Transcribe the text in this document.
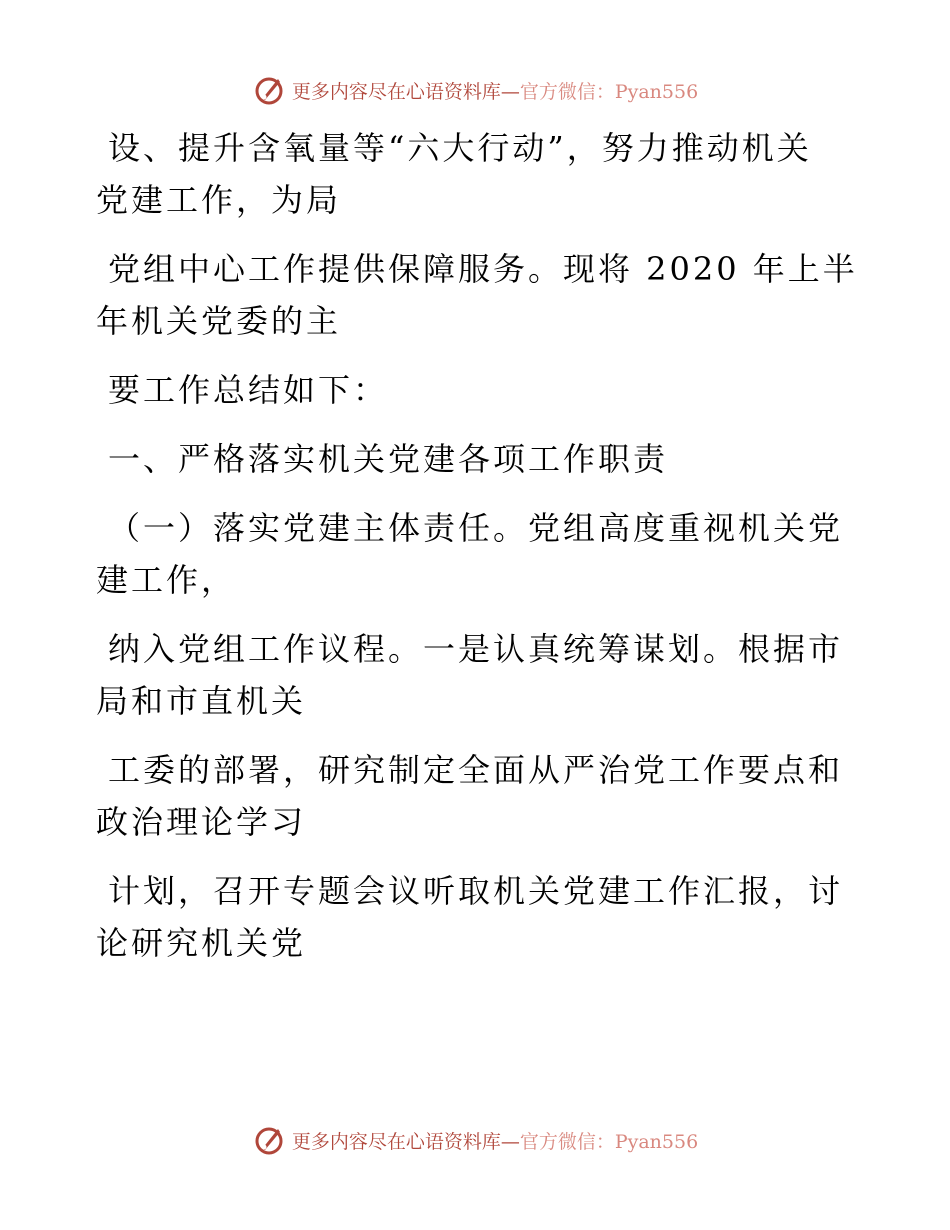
更多内容尽在心语资料库—官方微信：Pyan556

设、提升含氧量等“六大行动”，努力推动机关
党建工作，为局

党组中心工作提供保障服务。现将 2020 年上半
年机关党委的主

要工作总结如下：

一、严格落实机关党建各项工作职责

（一）落实党建主体责任。党组高度重视机关党
建工作，

纳入党组工作议程。一是认真统筹谋划。根据市
局和市直机关

工委的部署，研究制定全面从严治党工作要点和
政治理论学习

计划，召开专题会议听取机关党建工作汇报，讨
论研究机关党

更多内容尽在心语资料库—官方微信：Pyan556
